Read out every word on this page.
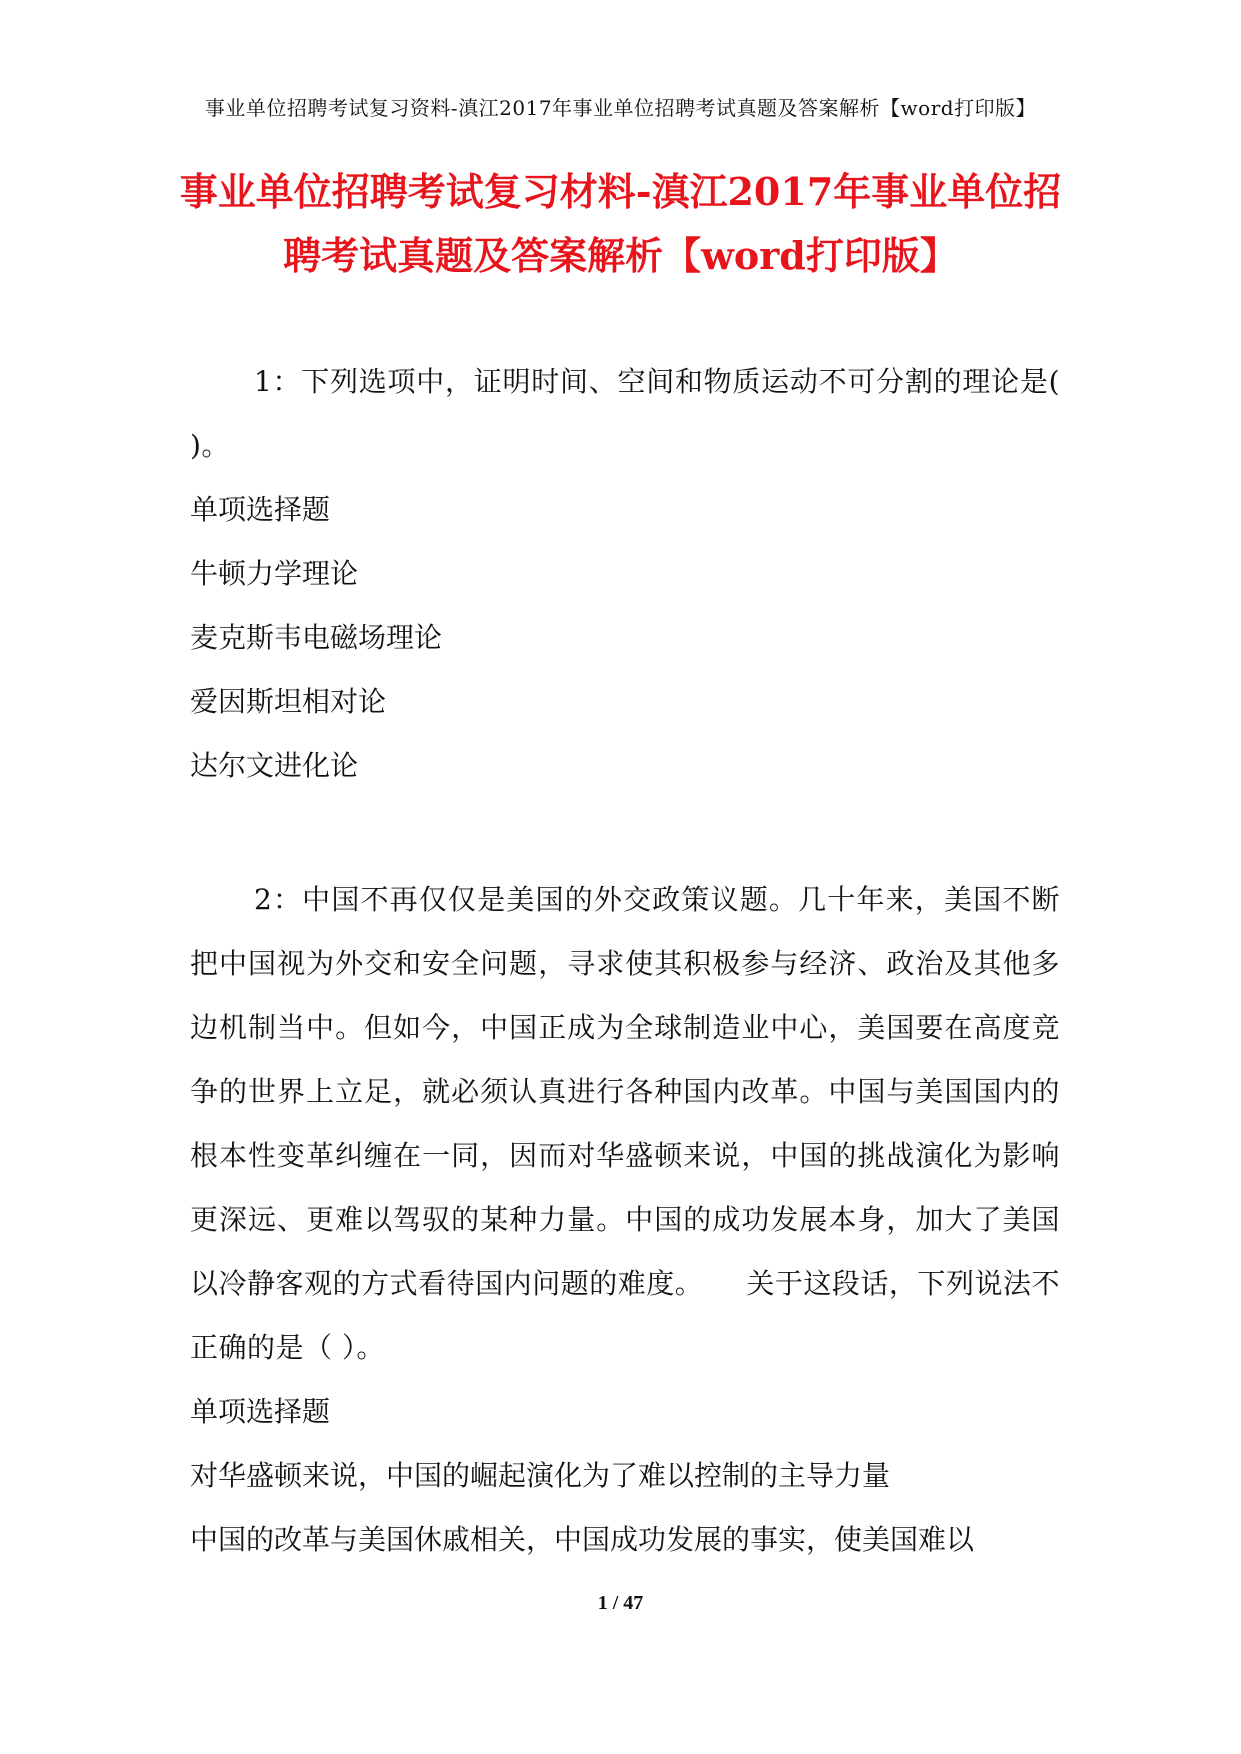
事业单位招聘考试复习资料-滇江2017年事业单位招聘考试真题及答案解析【word打印版】
事业单位招聘考试复习材料-滇江2017年事业单位招
聘考试真题及答案解析【word打印版】

1：下列选项中，证明时间、空间和物质运动不可分割的理论是( )。

单项选择题

牛顿力学理论

麦克斯韦电磁场理论

爱因斯坦相对论

达尔文进化论

2：中国不再仅仅是美国的外交政策议题。几十年来，美国不断把中国视为外交和安全问题，寻求使其积极参与经济、政治及其他多边机制当中。但如今，中国正成为全球制造业中心，美国要在高度竞争的世界上立足，就必须认真进行各种国内改革。中国与美国国内的根本性变革纠缠在一同，因而对华盛顿来说，中国的挑战演化为影响更深远、更难以驾驭的某种力量。中国的成功发展本身，加大了美国以冷静客观的方式看待国内问题的难度。　　关于这段话，下列说法不正确的是（ ）。

单项选择题

对华盛顿来说，中国的崛起演化为了难以控制的主导力量

中国的改革与美国休戚相关，中国成功发展的事实，使美国难以

1 / 47
